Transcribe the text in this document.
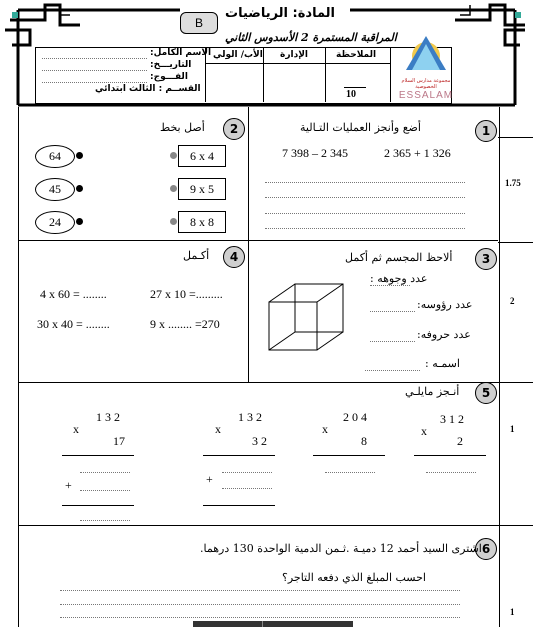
المادة: الرياضيات
B
المراقبة المستمرة 2 الأسدوس الثاني
الملاحظة
الإدارة
الأب/ الولي
10
الاسم الكامل:
التاريـــخ:
الفـــوج:
القســم : الثالث ابتدائي
مجموعة مدارس السلام الخصوصية
ESSALAM
1.75
2
1
1
1
أضع وأنجز العمليات التـالية
7 398 – 2 345	2 365 + 1 326
2
أصل بخط
64
45
24
6 x 4
9 x 5
8 x 8
3
ألاحظ المجسم ثم أكمل
عدد وجوهه :
عدد رؤوسه:
عدد حروفه:
اسمـه :
4
أكـمل
4 x 60 = ........	27 x 10 =.........
30 x 40 = ........	9 x ........ =270
5
أنـجز مايلـي
1 3 2
x
17
+
1 3 2
x
3 2
+
2 0 4
x
8
3 1 2
x
2
6
اشترى السيد أحمد 12 دميـة .ثـمن الدمية الواحدة 130 درهما.
احسب المبلغ الذي دفعه التاجر؟
